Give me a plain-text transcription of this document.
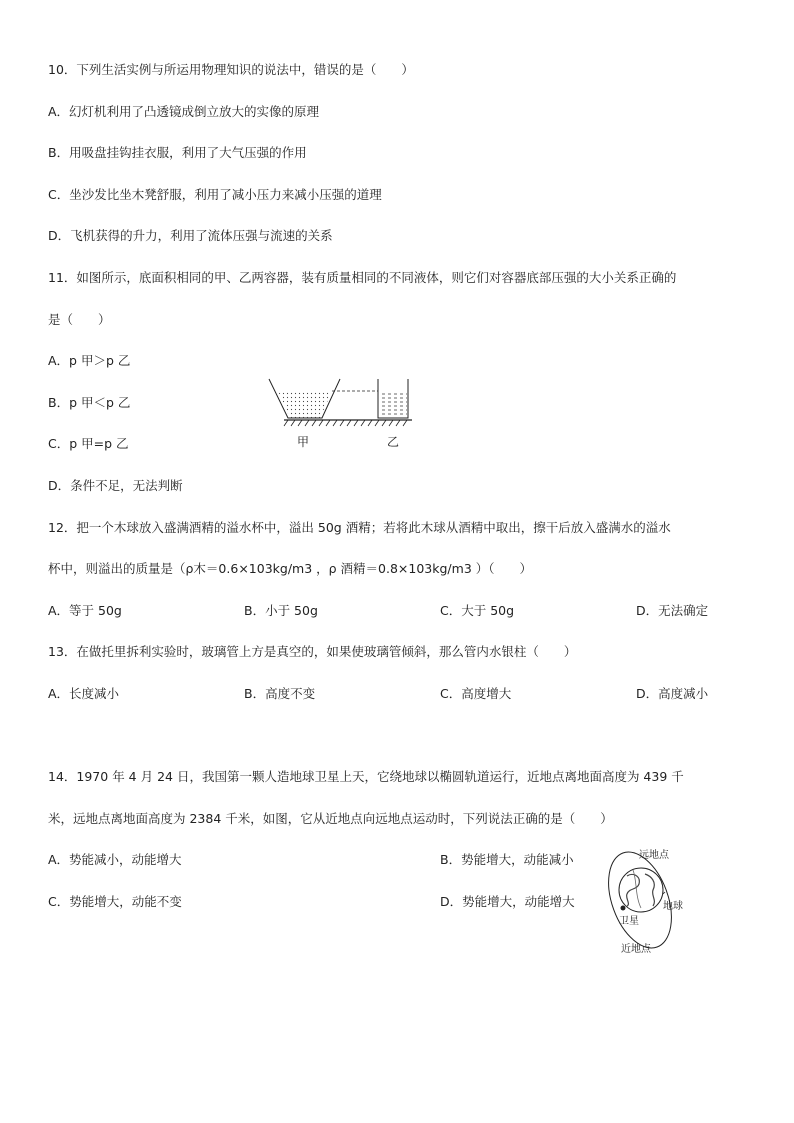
10．下列生活实例与所运用物理知识的说法中，错误的是（　　）
A．幻灯机利用了凸透镜成倒立放大的实像的原理
B．用吸盘挂钩挂衣服，利用了大气压强的作用
C．坐沙发比坐木凳舒服，利用了减小压力来减小压强的道理
D．飞机获得的升力，利用了流体压强与流速的关系
11．如图所示，底面积相同的甲、乙两容器，装有质量相同的不同液体，则它们对容器底部压强的大小关系正确的
是（　　）
A．p 甲＞p 乙
B．p 甲＜p 乙
C．p 甲=p 乙
D．条件不足，无法判断
甲	乙
12．把一个木球放入盛满酒精的溢水杯中，溢出 50g 酒精；若将此木球从酒精中取出，擦干后放入盛满水的溢水
杯中，则溢出的质量是（ρ木＝0.6×103kg/m3 ，ρ 酒精＝0.8×103kg/m3 ）（　　）
A．等于 50g	B．小于 50g	C．大于 50g	D．无法确定
13．在做托里拆利实验时，玻璃管上方是真空的，如果使玻璃管倾斜，那么管内水银柱（　　）
A．长度减小	B．高度不变	C．高度增大	D．高度减小
14．1970 年 4 月 24 日，我国第一颗人造地球卫星上天，它绕地球以椭圆轨道运行，近地点离地面高度为 439 千
米，远地点离地面高度为 2384 千米，如图，它从近地点向远地点运动时，下列说法正确的是（　　）
A．势能减小，动能增大	B．势能增大，动能减小
C．势能增大，动能不变	D．势能增大，动能增大
远地点
地球
卫星
近地点
